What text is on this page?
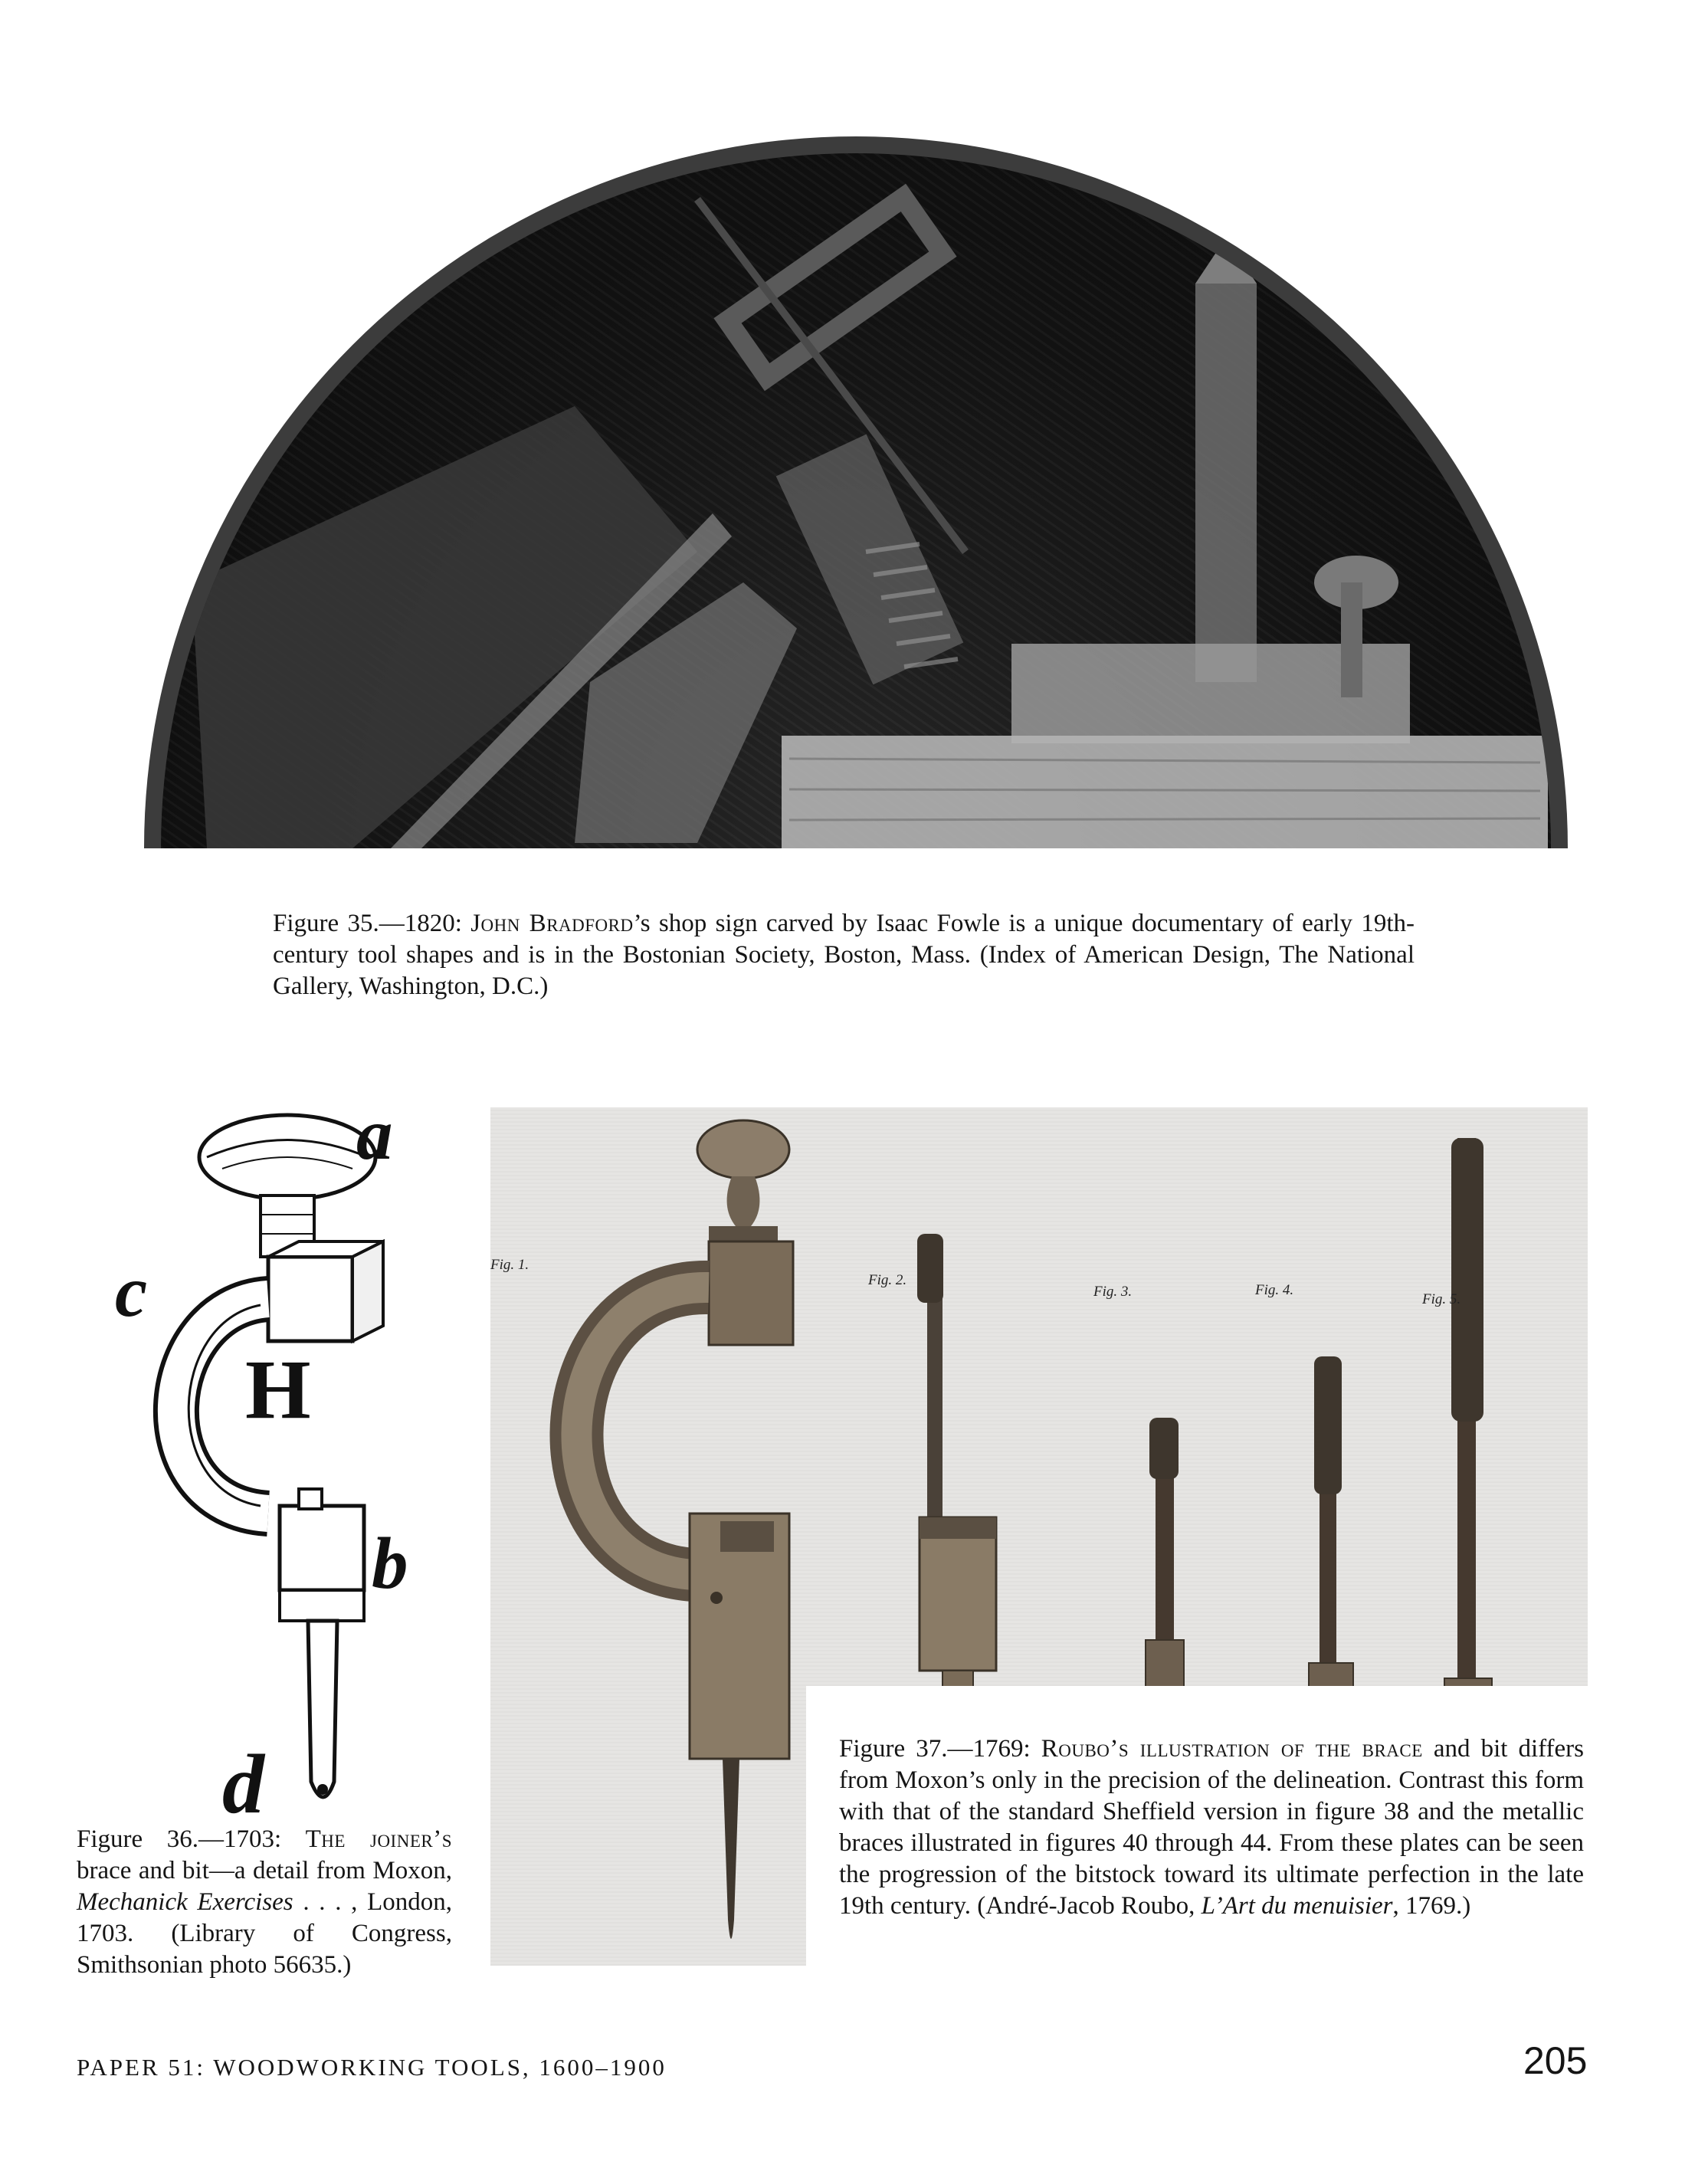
Figure 35.—1820: John Bradford’s shop sign carved by Isaac Fowle is a unique documentary of early 19th-century tool shapes and is in the Bostonian Society, Boston, Mass. (Index of American Design, The National Gallery, Washington, D.C.)
a
c
H
b
d
Figure 36.—1703: The joiner’s brace and bit—a detail from Moxon, Mechanick Exercises . . . , London, 1703. (Library of Congress, Smithsonian photo 56635.)
Fig. 1.
Fig. 2.
Fig. 3.	Fig. 4.
Fig. 5.
Figure 37.—1769: Roubo’s illustration of the brace and bit differs from Moxon’s only in the precision of the delineation. Contrast this form with that of the standard Sheffield version in figure 38 and the metallic braces illustrated in figures 40 through 44. From these plates can be seen the progression of the bitstock toward its ultimate perfection in the late 19th century. (André-Jacob Roubo, L’Art du menuisier, 1769.)
PAPER 51: WOODWORKING TOOLS, 1600–1900	205
